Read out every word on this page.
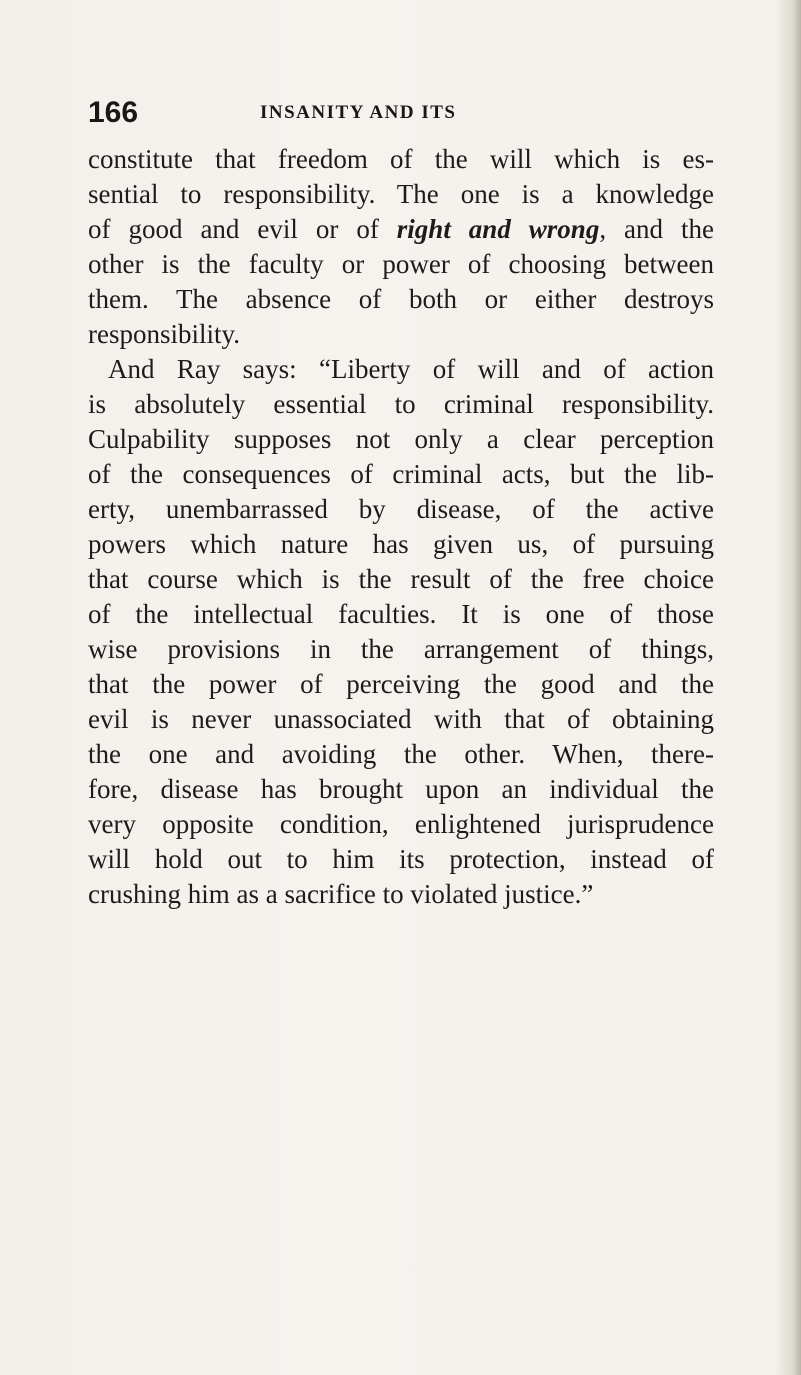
166	INSANITY AND ITS
constitute that freedom of the will which is es-
sential to responsibility. The one is a knowledge
of good and evil or of right and wrong, and the
other is the faculty or power of choosing between
them. The absence of both or either destroys
responsibility.
And Ray says: “Liberty of will and of action
is absolutely essential to criminal responsibility.
Culpability supposes not only a clear perception
of the consequences of criminal acts, but the lib-
erty, unembarrassed by disease, of the active
powers which nature has given us, of pursuing
that course which is the result of the free choice
of the intellectual faculties. It is one of those
wise provisions in the arrangement of things,
that the power of perceiving the good and the
evil is never unassociated with that of obtaining
the one and avoiding the other. When, there-
fore, disease has brought upon an individual the
very opposite condition, enlightened jurisprudence
will hold out to him its protection, instead of
crushing him as a sacrifice to violated justice.”
